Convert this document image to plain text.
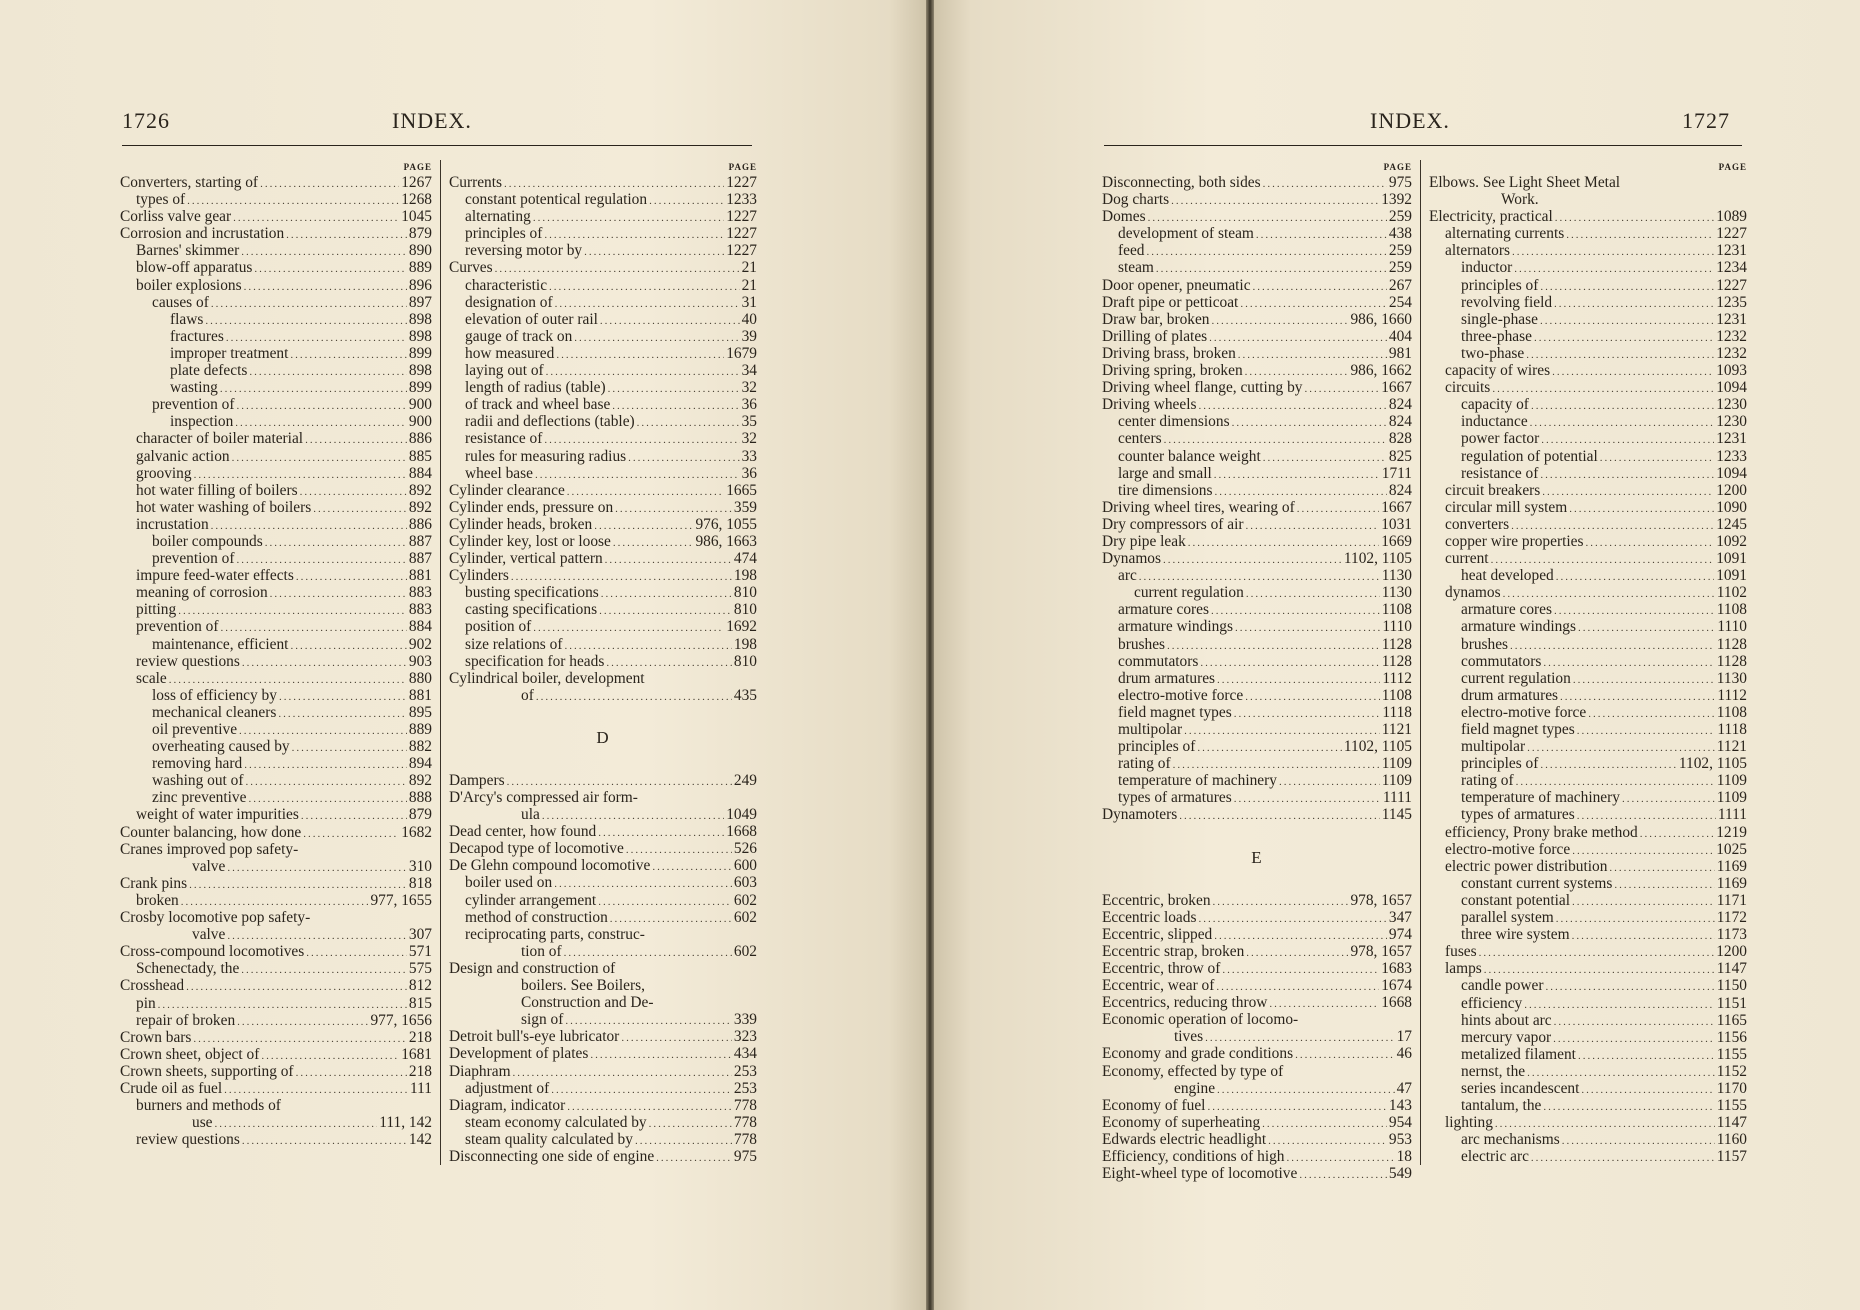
1726	INDEX.
PAGE
Converters, starting of .....	1267
types of .....	1268
Corliss valve gear .....	1045
Corrosion and incrustation .....	879
Barnes' skimmer .....	890
blow-off apparatus .....	889
boiler explosions .....	896
causes of .....	897
flaws .....	898
fractures .....	898
improper treatment .....	899
plate defects .....	898
wasting .....	899
prevention of .....	900
inspection .....	900
character of boiler material .....	886
galvanic action .....	885
grooving .....	884
hot water filling of boilers .....	892
hot water washing of boilers .....	892
incrustation .....	886
boiler compounds .....	887
prevention of .....	887
impure feed-water effects .....	881
meaning of corrosion .....	883
pitting .....	883
prevention of .....	884
maintenance, efficient .....	902
review questions .....	903
scale .....	880
loss of efficiency by .....	881
mechanical cleaners .....	895
oil preventive .....	889
overheating caused by .....	882
removing hard .....	894
washing out of .....	892
zinc preventive .....	888
weight of water impurities .....	879
Counter balancing, how done .....	1682
Cranes improved pop safety-
valve .....	310
Crank pins .....	818
broken .....	977, 1655
Crosby locomotive pop safety-
valve .....	307
Cross-compound locomotives .....	571
Schenectady, the .....	575
Crosshead .....	812
pin .....	815
repair of broken .....	977, 1656
Crown bars .....	218
Crown sheet, object of .....	1681
Crown sheets, supporting of .....	218
Crude oil as fuel .....	111
burners and methods of
use .....	111, 142
review questions .....	142
PAGE
Currents .....	1227
constant potentical regulation .....	1233
alternating .....	1227
principles of .....	1227
reversing motor by .....	1227
Curves .....	21
characteristic .....	21
designation of .....	31
elevation of outer rail .....	40
gauge of track on .....	39
how measured .....	1679
laying out of .....	34
length of radius (table) .....	32
of track and wheel base .....	36
radii and deflections (table) .....	35
resistance of .....	32
rules for measuring radius .....	33
wheel base .....	36
Cylinder clearance .....	1665
Cylinder ends, pressure on .....	359
Cylinder heads, broken .....	976, 1055
Cylinder key, lost or loose .....	986, 1663
Cylinder, vertical pattern .....	474
Cylinders .....	198
busting specifications .....	810
casting specifications .....	810
position of .....	1692
size relations of .....	198
specification for heads .....	810
Cylindrical boiler, development
of .....	435
D
Dampers .....	249
D'Arcy's compressed air form-
ula .....	1049
Dead center, how found .....	1668
Decapod type of locomotive .....	526
De Glehn compound locomotive .....	600
boiler used on .....	603
cylinder arrangement .....	602
method of construction .....	602
reciprocating parts, construc-
tion of .....	602
Design and construction of
boilers. See Boilers,
Construction and De-
sign of .....	339
Detroit bull's-eye lubricator .....	323
Development of plates .....	434
Diaphram .....	253
adjustment of .....	253
Diagram, indicator .....	778
steam economy calculated by .....	778
steam quality calculated by .....	778
Disconnecting one side of engine .....	975
INDEX.	1727
PAGE
Disconnecting, both sides .....	975
Dog charts .....	1392
Domes .....	259
development of steam .....	438
feed .....	259
steam .....	259
Door opener, pneumatic .....	267
Draft pipe or petticoat .....	254
Draw bar, broken .....	986, 1660
Drilling of plates .....	404
Driving brass, broken .....	981
Driving spring, broken .....	986, 1662
Driving wheel flange, cutting by .....	1667
Driving wheels .....	824
center dimensions .....	824
centers .....	828
counter balance weight .....	825
large and small .....	1711
tire dimensions .....	824
Driving wheel tires, wearing of .....	1667
Dry compressors of air .....	1031
Dry pipe leak .....	1669
Dynamos .....	1102, 1105
arc .....	1130
current regulation .....	1130
armature cores .....	1108
armature windings .....	1110
brushes .....	1128
commutators .....	1128
drum armatures .....	1112
electro-motive force .....	1108
field magnet types .....	1118
multipolar .....	1121
principles of .....	1102, 1105
rating of .....	1109
temperature of machinery .....	1109
types of armatures .....	1111
Dynamoters .....	1145
E
Eccentric, broken .....	978, 1657
Eccentric loads .....	347
Eccentric, slipped .....	974
Eccentric strap, broken .....	978, 1657
Eccentric, throw of .....	1683
Eccentric, wear of .....	1674
Eccentrics, reducing throw .....	1668
Economic operation of locomo-
tives .....	17
Economy and grade conditions .....	46
Economy, effected by type of
engine .....	47
Economy of fuel .....	143
Economy of superheating .....	954
Edwards electric headlight .....	953
Efficiency, conditions of high .....	18
Eight-wheel type of locomotive .....	549
PAGE
Elbows. See Light Sheet Metal
Work.
Electricity, practical .....	1089
alternating currents .....	1227
alternators .....	1231
inductor .....	1234
principles of .....	1227
revolving field .....	1235
single-phase .....	1231
three-phase .....	1232
two-phase .....	1232
capacity of wires .....	1093
circuits .....	1094
capacity of .....	1230
inductance .....	1230
power factor .....	1231
regulation of potential .....	1233
resistance of .....	1094
circuit breakers .....	1200
circular mill system .....	1090
converters .....	1245
copper wire properties .....	1092
current .....	1091
heat developed .....	1091
dynamos .....	1102
armature cores .....	1108
armature windings .....	1110
brushes .....	1128
commutators .....	1128
current regulation .....	1130
drum armatures .....	1112
electro-motive force .....	1108
field magnet types .....	1118
multipolar .....	1121
principles of .....	1102, 1105
rating of .....	1109
temperature of machinery .....	1109
types of armatures .....	1111
efficiency, Prony brake method .....	1219
electro-motive force .....	1025
electric power distribution .....	1169
constant current systems .....	1169
constant potential .....	1171
parallel system .....	1172
three wire system .....	1173
fuses .....	1200
lamps .....	1147
candle power .....	1150
efficiency .....	1151
hints about arc .....	1165
mercury vapor .....	1156
metalized filament .....	1155
nernst, the .....	1152
series incandescent .....	1170
tantalum, the .....	1155
lighting .....	1147
arc mechanisms .....	1160
electric arc .....	1157
